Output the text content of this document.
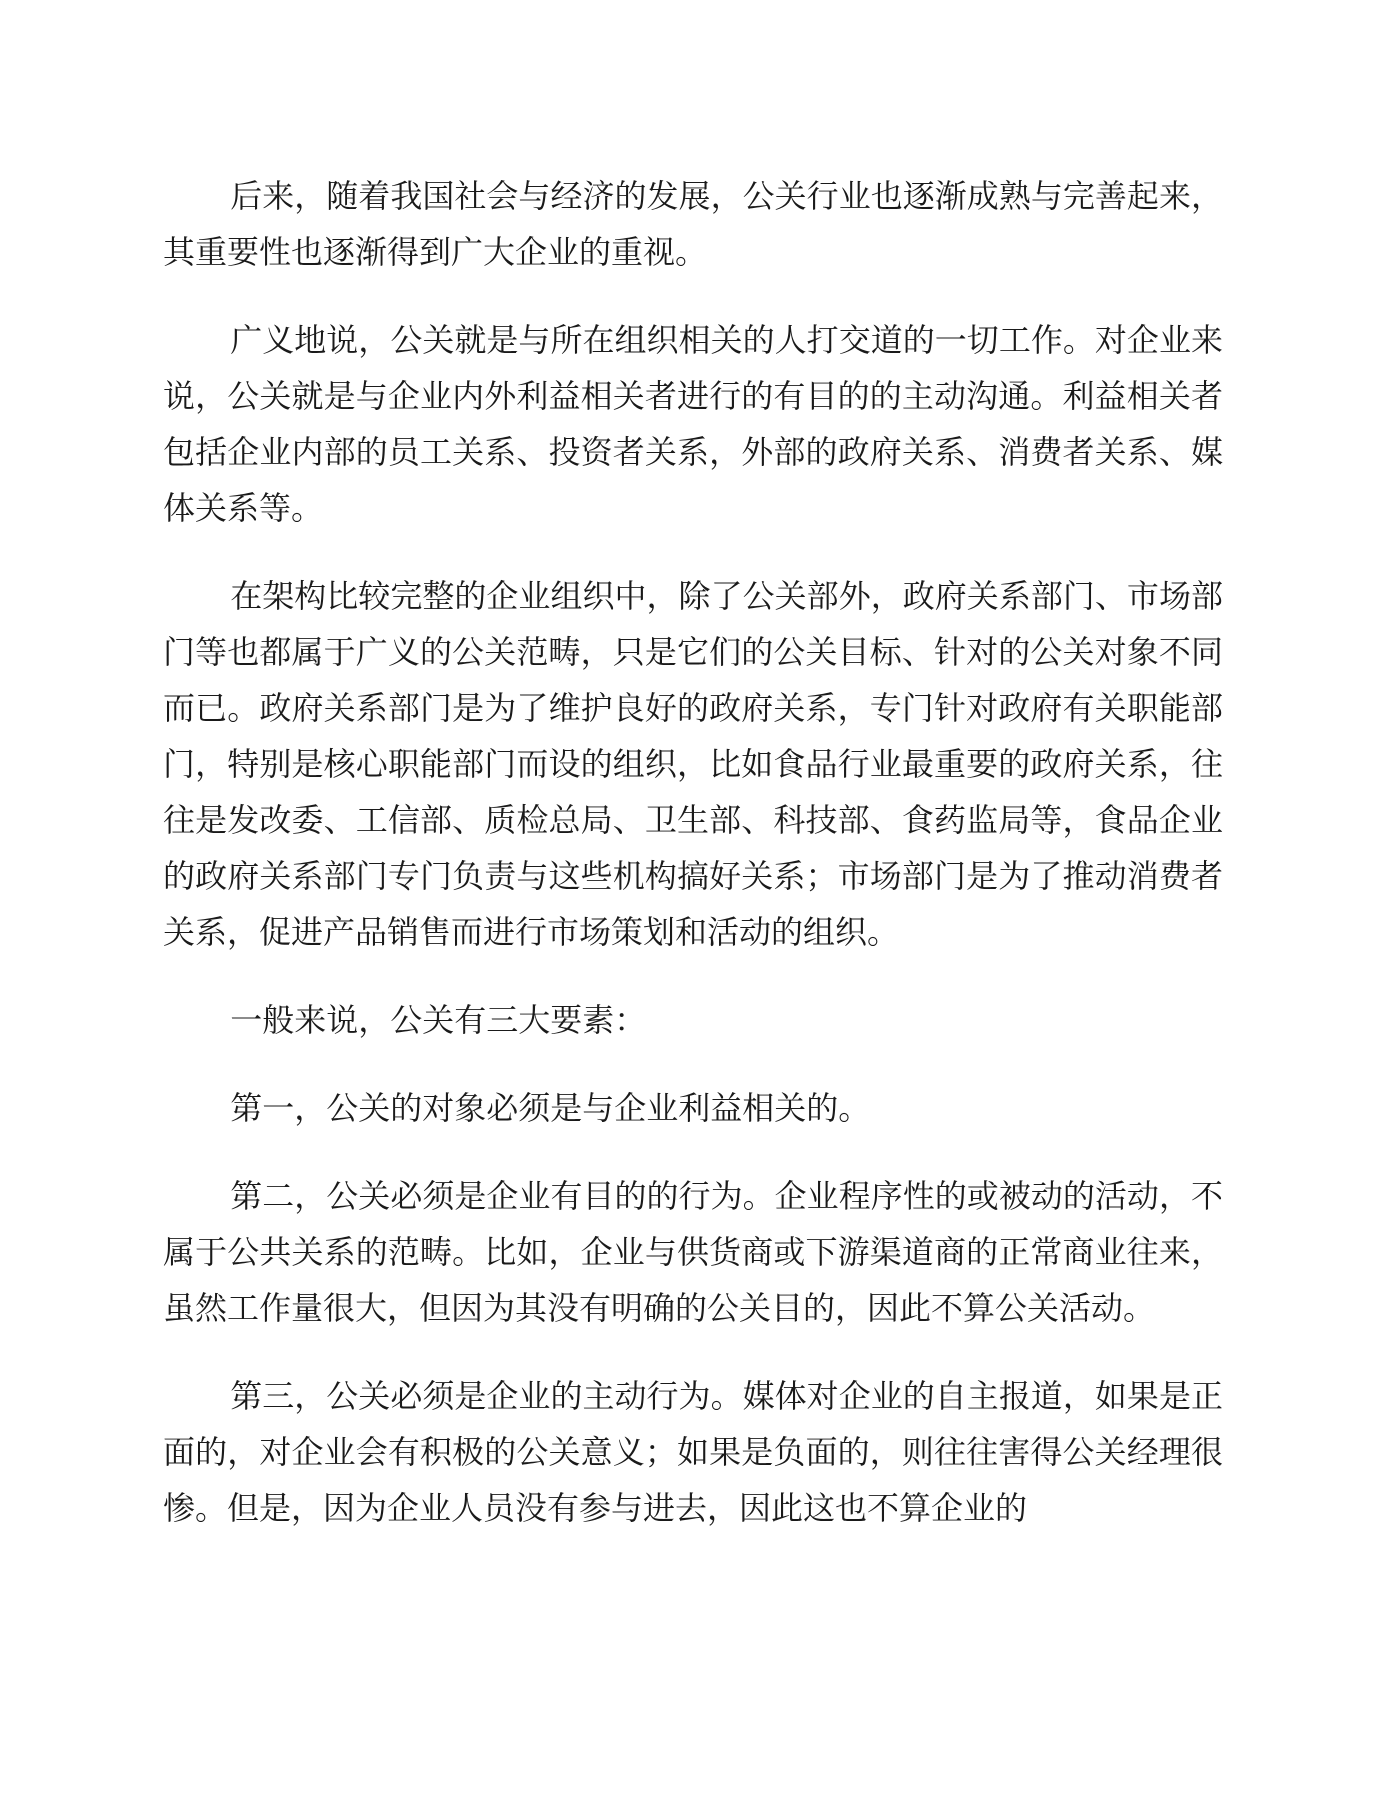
后来，随着我国社会与经济的发展，公关行业也逐渐成熟与完善起来，其重要性也逐渐得到广大企业的重视。

广义地说，公关就是与所在组织相关的人打交道的一切工作。对企业来说，公关就是与企业内外利益相关者进行的有目的的主动沟通。利益相关者包括企业内部的员工关系、投资者关系，外部的政府关系、消费者关系、媒体关系等。

在架构比较完整的企业组织中，除了公关部外，政府关系部门、市场部门等也都属于广义的公关范畴，只是它们的公关目标、针对的公关对象不同而已。政府关系部门是为了维护良好的政府关系，专门针对政府有关职能部门，特别是核心职能部门而设的组织，比如食品行业最重要的政府关系，往往是发改委、工信部、质检总局、卫生部、科技部、食药监局等，食品企业的政府关系部门专门负责与这些机构搞好关系；市场部门是为了推动消费者关系，促进产品销售而进行市场策划和活动的组织。

一般来说，公关有三大要素：

第一，公关的对象必须是与企业利益相关的。

第二，公关必须是企业有目的的行为。企业程序性的或被动的活动，不属于公共关系的范畴。比如，企业与供货商或下游渠道商的正常商业往来，虽然工作量很大，但因为其没有明确的公关目的，因此不算公关活动。

第三，公关必须是企业的主动行为。媒体对企业的自主报道，如果是正面的，对企业会有积极的公关意义；如果是负面的，则往往害得公关经理很惨。但是，因为企业人员没有参与进去，因此这也不算企业的
